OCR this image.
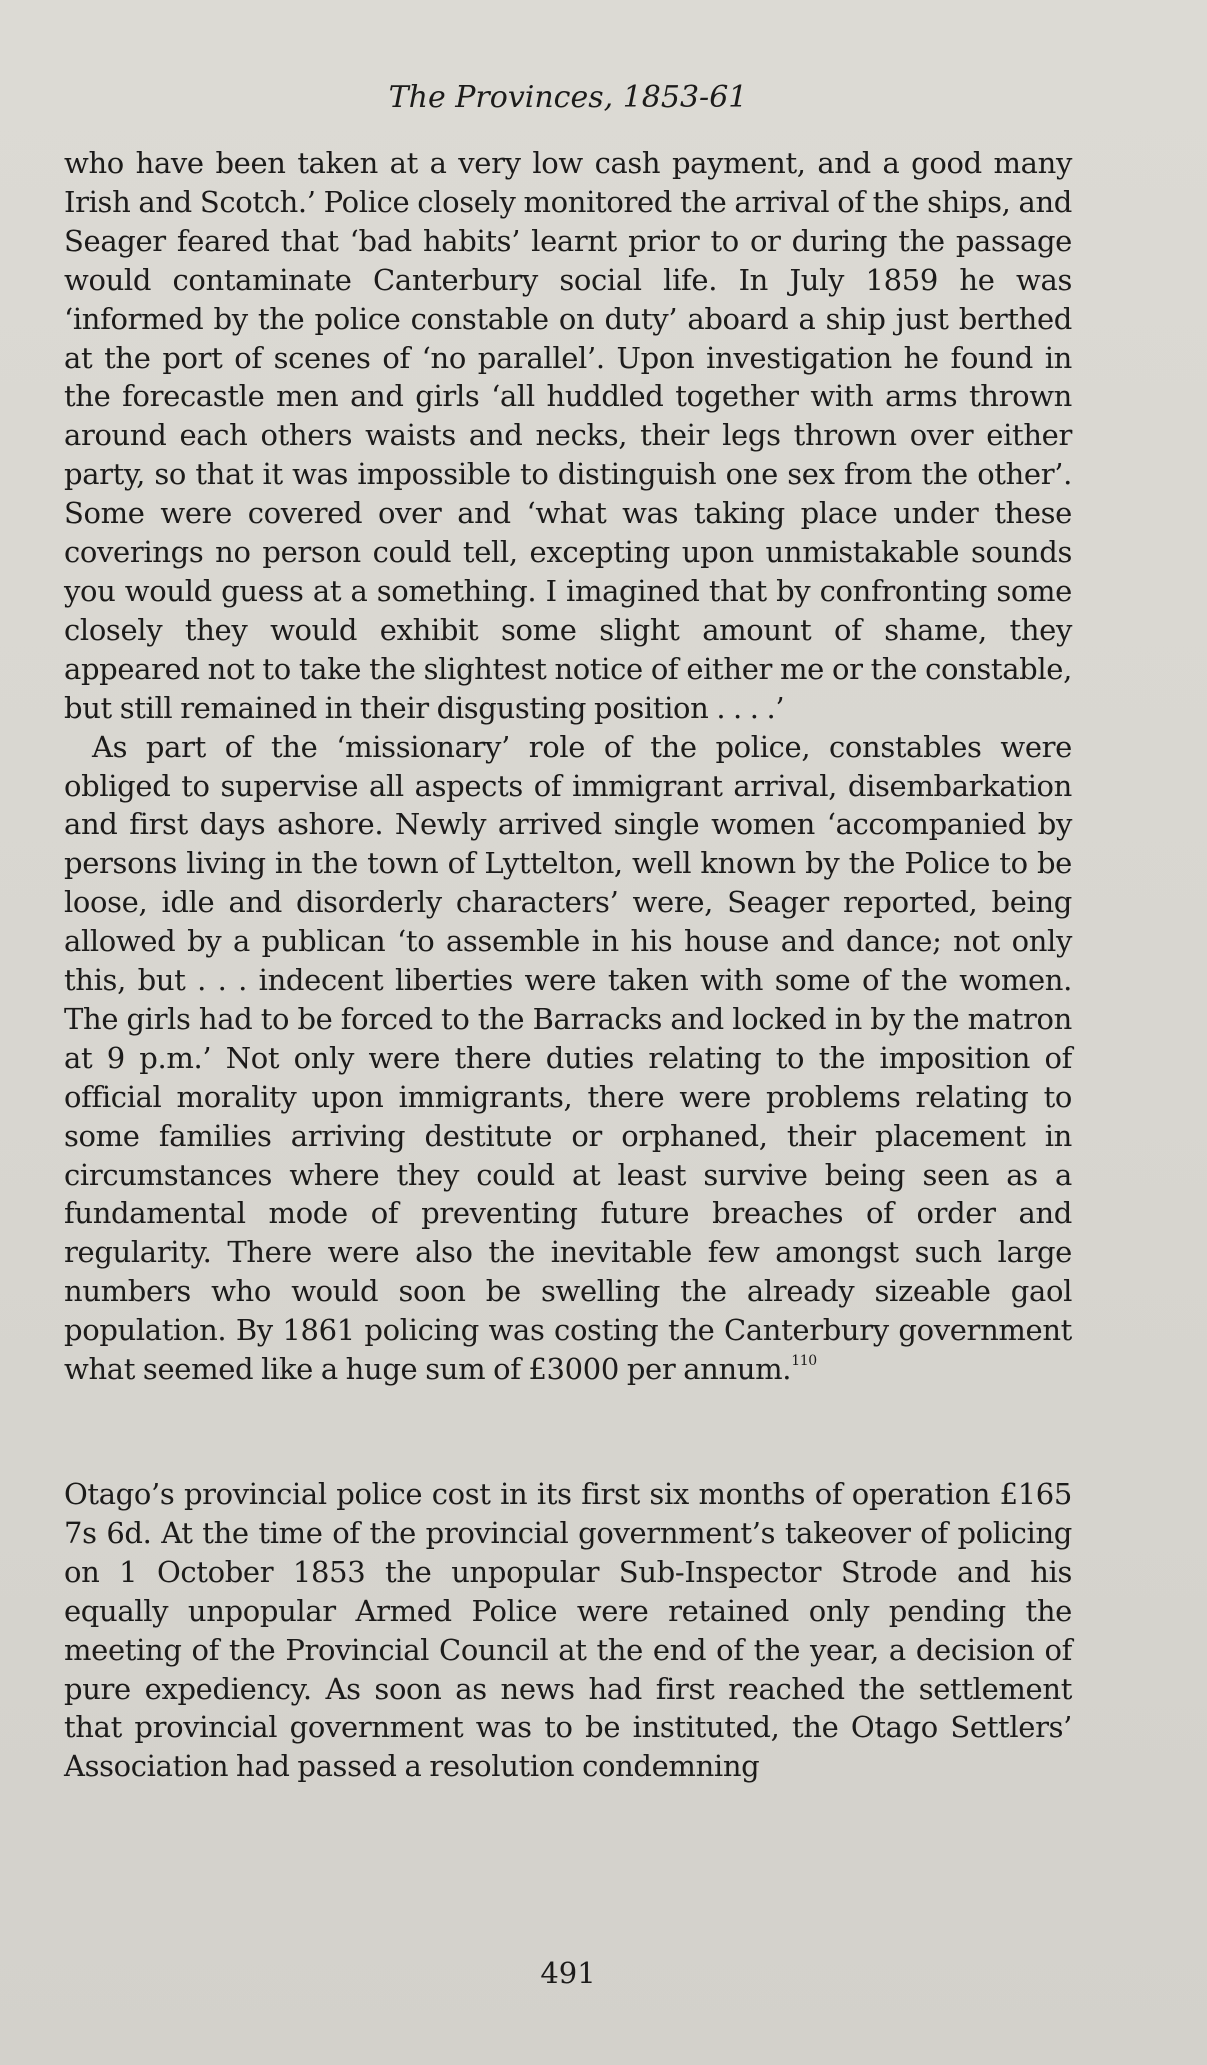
The Provinces, 1853-61

who have been taken at a very low cash payment, and a good many Irish and Scotch.’ Police closely monitored the arrival of the ships, and Seager feared that ‘bad habits’ learnt prior to or during the passage would contaminate Canterbury social life. In July 1859 he was ‘informed by the police constable on duty’ aboard a ship just berthed at the port of scenes of ‘no parallel’. Upon investigation he found in the forecastle men and girls ‘all huddled together with arms thrown around each others waists and necks, their legs thrown over either party, so that it was impossible to distinguish one sex from the other’. Some were covered over and ‘what was taking place under these coverings no person could tell, excepting upon unmistakable sounds you would guess at a something. I imagined that by confronting some closely they would exhibit some slight amount of shame, they appeared not to take the slightest notice of either me or the constable, but still remained in their disgusting position . . . .’

As part of the ‘missionary’ role of the police, constables were obliged to supervise all aspects of immigrant arrival, disembarkation and first days ashore. Newly arrived single women ‘accompanied by persons living in the town of Lyttelton, well known by the Police to be loose, idle and disorderly characters’ were, Seager reported, being allowed by a publican ‘to assemble in his house and dance; not only this, but . . . indecent liberties were taken with some of the women. The girls had to be forced to the Barracks and locked in by the matron at 9 p.m.’ Not only were there duties relating to the imposition of official morality upon immigrants, there were problems relating to some families arriving destitute or orphaned, their placement in circumstances where they could at least survive being seen as a fundamental mode of preventing future breaches of order and regularity. There were also the inevitable few amongst such large numbers who would soon be swelling the already sizeable gaol population. By 1861 policing was costing the Canterbury government what seemed like a huge sum of £3000 per annum.$^{110}$

Otago’s provincial police cost in its first six months of operation £165 7s 6d. At the time of the provincial government’s takeover of policing on 1 October 1853 the unpopular Sub-Inspector Strode and his equally unpopular Armed Police were retained only pending the meeting of the Provincial Council at the end of the year, a decision of pure expediency. As soon as news had first reached the settlement that provincial government was to be instituted, the Otago Settlers’ Association had passed a resolution condemning

491
